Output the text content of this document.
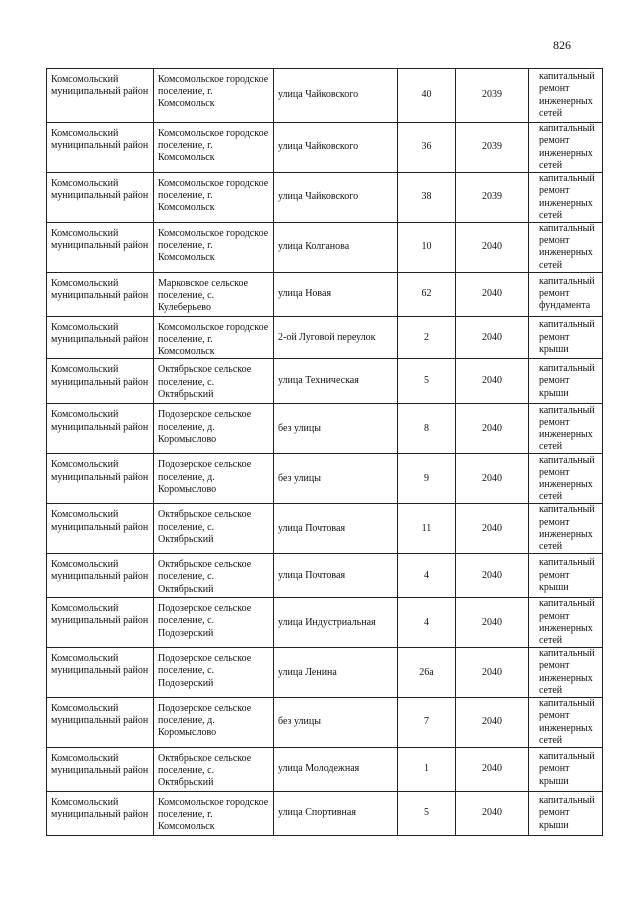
826
Комсомольский муниципальный район	Комсомольское городское поселение, г. Комсомольск	улица Чайковского	40	2039	капитальный ремонт инженерных сетей
Комсомольский муниципальный район	Комсомольское городское поселение, г. Комсомольск	улица Чайковского	36	2039	капитальный ремонт инженерных сетей
Комсомольский муниципальный район	Комсомольское городское поселение, г. Комсомольск	улица Чайковского	38	2039	капитальный ремонт инженерных сетей
Комсомольский муниципальный район	Комсомольское городское поселение, г. Комсомольск	улица Колганова	10	2040	капитальный ремонт инженерных сетей
Комсомольский муниципальный район	Марковское сельское поселение, с. Кулеберьево	улица Новая	62	2040	капитальный ремонт фундамента
Комсомольский муниципальный район	Комсомольское городское поселение, г. Комсомольск	2-ой Луговой переулок	2	2040	капитальный ремонт крыши
Комсомольский муниципальный район	Октябрьское сельское поселение, с. Октябрьский	улица Техническая	5	2040	капитальный ремонт крыши
Комсомольский муниципальный район	Подозерское сельское поселение, д. Коромыслово	без улицы	8	2040	капитальный ремонт инженерных сетей
Комсомольский муниципальный район	Подозерское сельское поселение, д. Коромыслово	без улицы	9	2040	капитальный ремонт инженерных сетей
Комсомольский муниципальный район	Октябрьское сельское поселение, с. Октябрьский	улица Почтовая	11	2040	капитальный ремонт инженерных сетей
Комсомольский муниципальный район	Октябрьское сельское поселение, с. Октябрьский	улица Почтовая	4	2040	капитальный ремонт крыши
Комсомольский муниципальный район	Подозерское сельское поселение, с. Подозерский	улица Индустриальная	4	2040	капитальный ремонт инженерных сетей
Комсомольский муниципальный район	Подозерское сельское поселение, с. Подозерский	улица Ленина	26а	2040	капитальный ремонт инженерных сетей
Комсомольский муниципальный район	Подозерское сельское поселение, д. Коромыслово	без улицы	7	2040	капитальный ремонт инженерных сетей
Комсомольский муниципальный район	Октябрьское сельское поселение, с. Октябрьский	улица Молодежная	1	2040	капитальный ремонт крыши
Комсомольский муниципальный район	Комсомольское городское поселение, г. Комсомольск	улица Спортивная	5	2040	капитальный ремонт крыши
